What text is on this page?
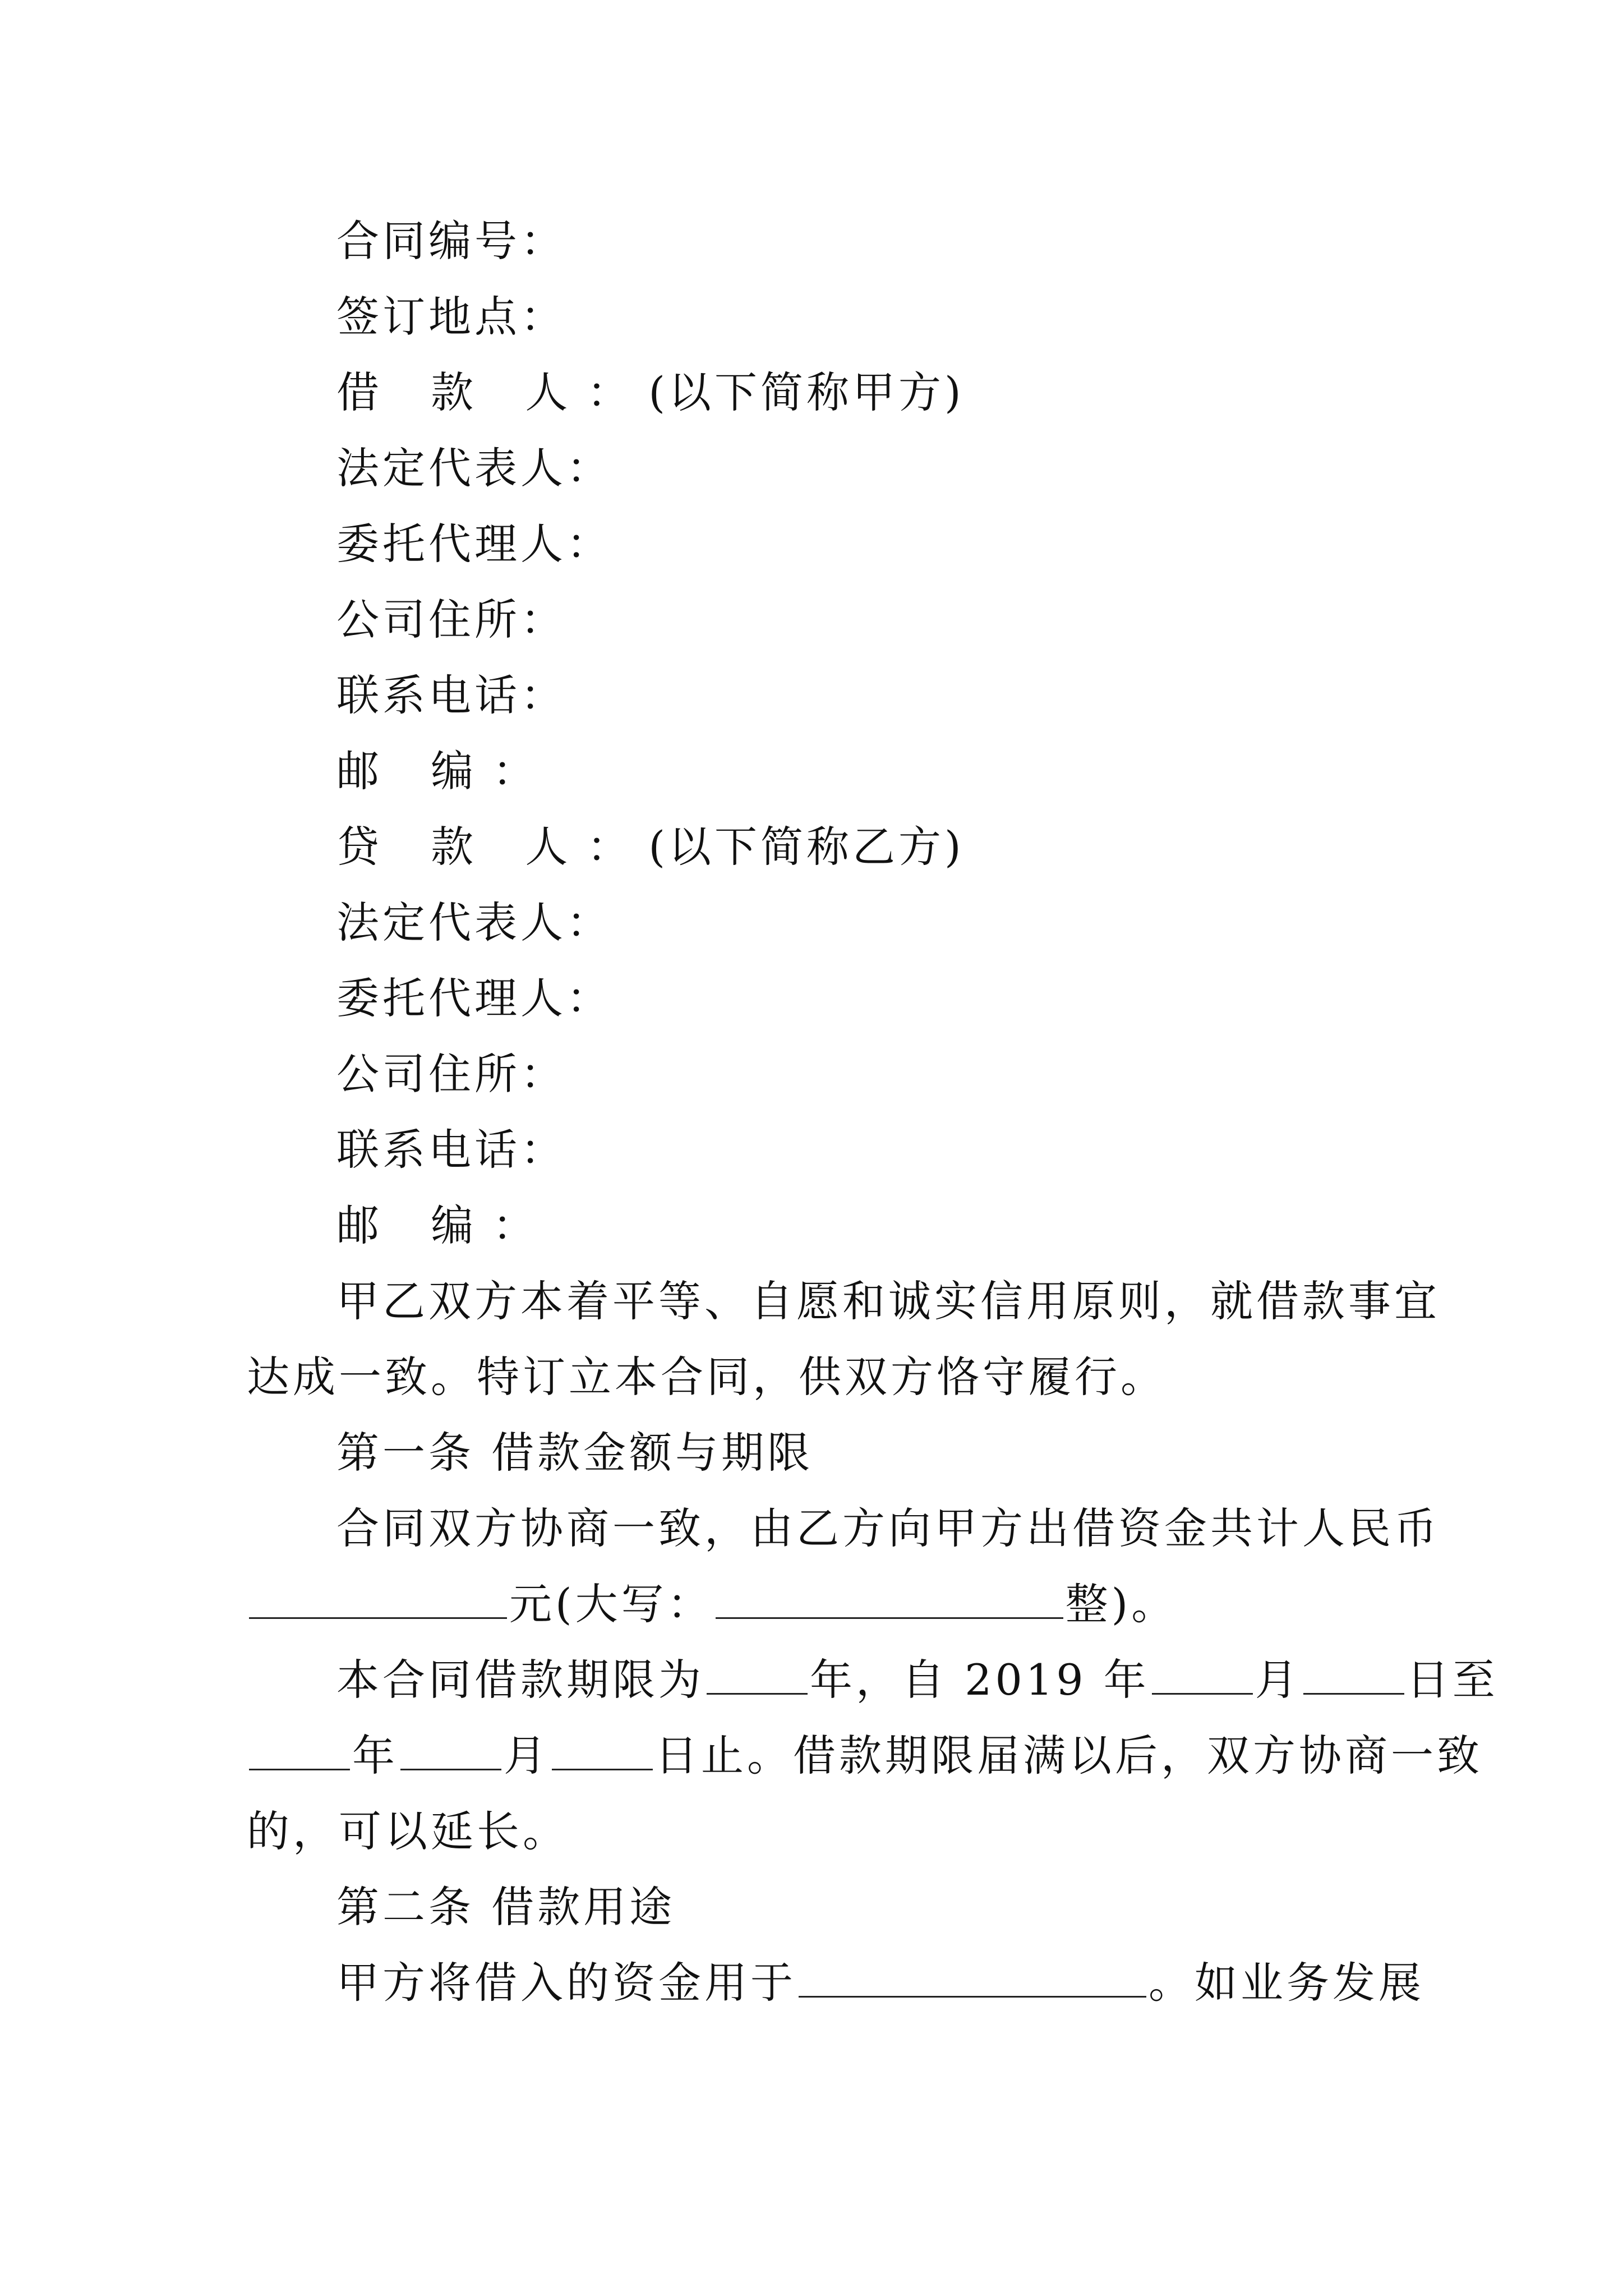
合同编号：
签订地点：
借 款 人：(以下简称甲方)
法定代表人：
委托代理人：
公司住所：
联系电话：
邮 编：
贷 款 人：(以下简称乙方)
法定代表人：
委托代理人：
公司住所：
联系电话：
邮 编：
甲乙双方本着平等、自愿和诚实信用原则，就借款事宜
达成一致。特订立本合同，供双方恪守履行。
第一条 借款金额与期限
合同双方协商一致，由乙方向甲方出借资金共计人民币
元(大写：	整)。
本合同借款期限为 年，自 2019 年 月 日至
年 月 日止。借款期限届满以后，双方协商一致
的，可以延长。
第二条 借款用途
甲方将借入的资金用于	。如业务发展
